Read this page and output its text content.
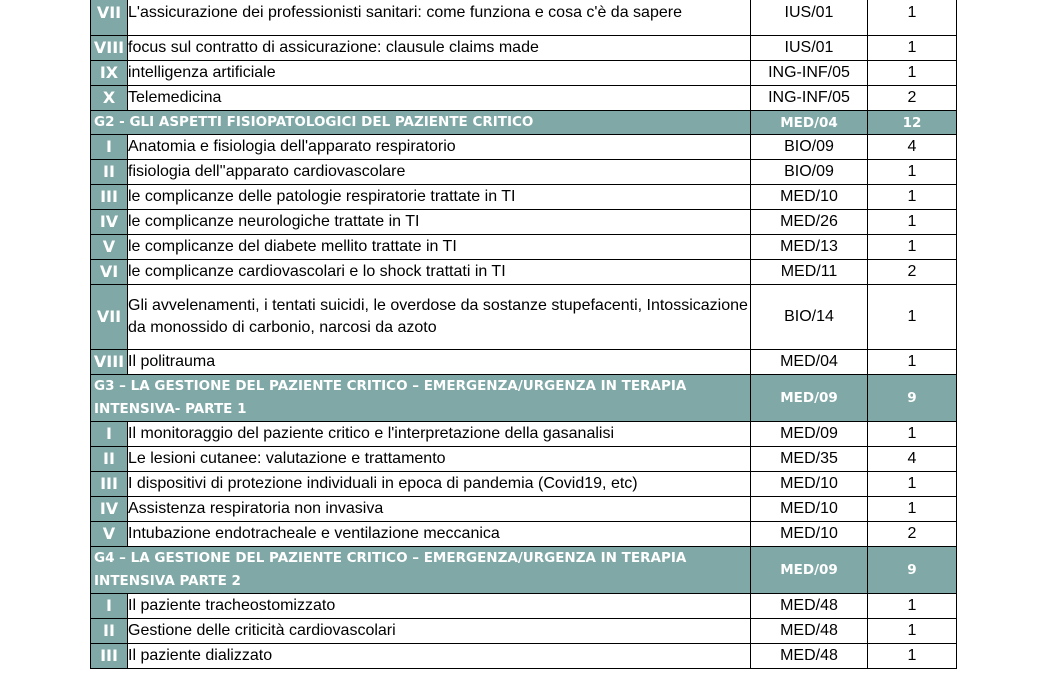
VII	L'assicurazione dei professionisti sanitari: come funziona e cosa c'è da sapere	IUS/01	1
VIII	focus sul contratto di assicurazione: clausule claims made	IUS/01	1
IX	intelligenza artificiale	ING-INF/05	1
X	Telemedicina	ING-INF/05	2
G2 - GLI ASPETTI FISIOPATOLOGICI DEL PAZIENTE CRITICO		MED/04	12
I	Anatomia e fisiologia dell'apparato respiratorio	BIO/09	4
II	fisiologia dell''apparato cardiovascolare	BIO/09	1
III	le complicanze delle patologie respiratorie trattate in TI	MED/10	1
IV	le complicanze neurologiche trattate in TI	MED/26	1
V	le complicanze del diabete mellito trattate in TI	MED/13	1
VI	le complicanze cardiovascolari e lo shock trattati in TI	MED/11	2
VII	Gli avvelenamenti, i tentati suicidi, le overdose da sostanze stupefacenti, Intossicazione da monossido di carbonio, narcosi da azoto	BIO/14	1
VIII	Il politrauma	MED/04	1
G3 – LA GESTIONE DEL PAZIENTE CRITICO – EMERGENZA/URGENZA IN TERAPIA INTENSIVA- PARTE 1		MED/09	9
I	Il monitoraggio del paziente critico e l'interpretazione della gasanalisi	MED/09	1
II	Le lesioni cutanee: valutazione e trattamento	MED/35	4
III	I dispositivi di protezione individuali in epoca di pandemia (Covid19, etc)	MED/10	1
IV	Assistenza respiratoria non invasiva	MED/10	1
V	Intubazione endotracheale e ventilazione meccanica	MED/10	2
G4 – LA GESTIONE DEL PAZIENTE CRITICO – EMERGENZA/URGENZA IN TERAPIA INTENSIVA PARTE 2		MED/09	9
I	Il paziente tracheostomizzato	MED/48	1
II	Gestione delle criticità cardiovascolari	MED/48	1
III	Il paziente dializzato	MED/48	1
